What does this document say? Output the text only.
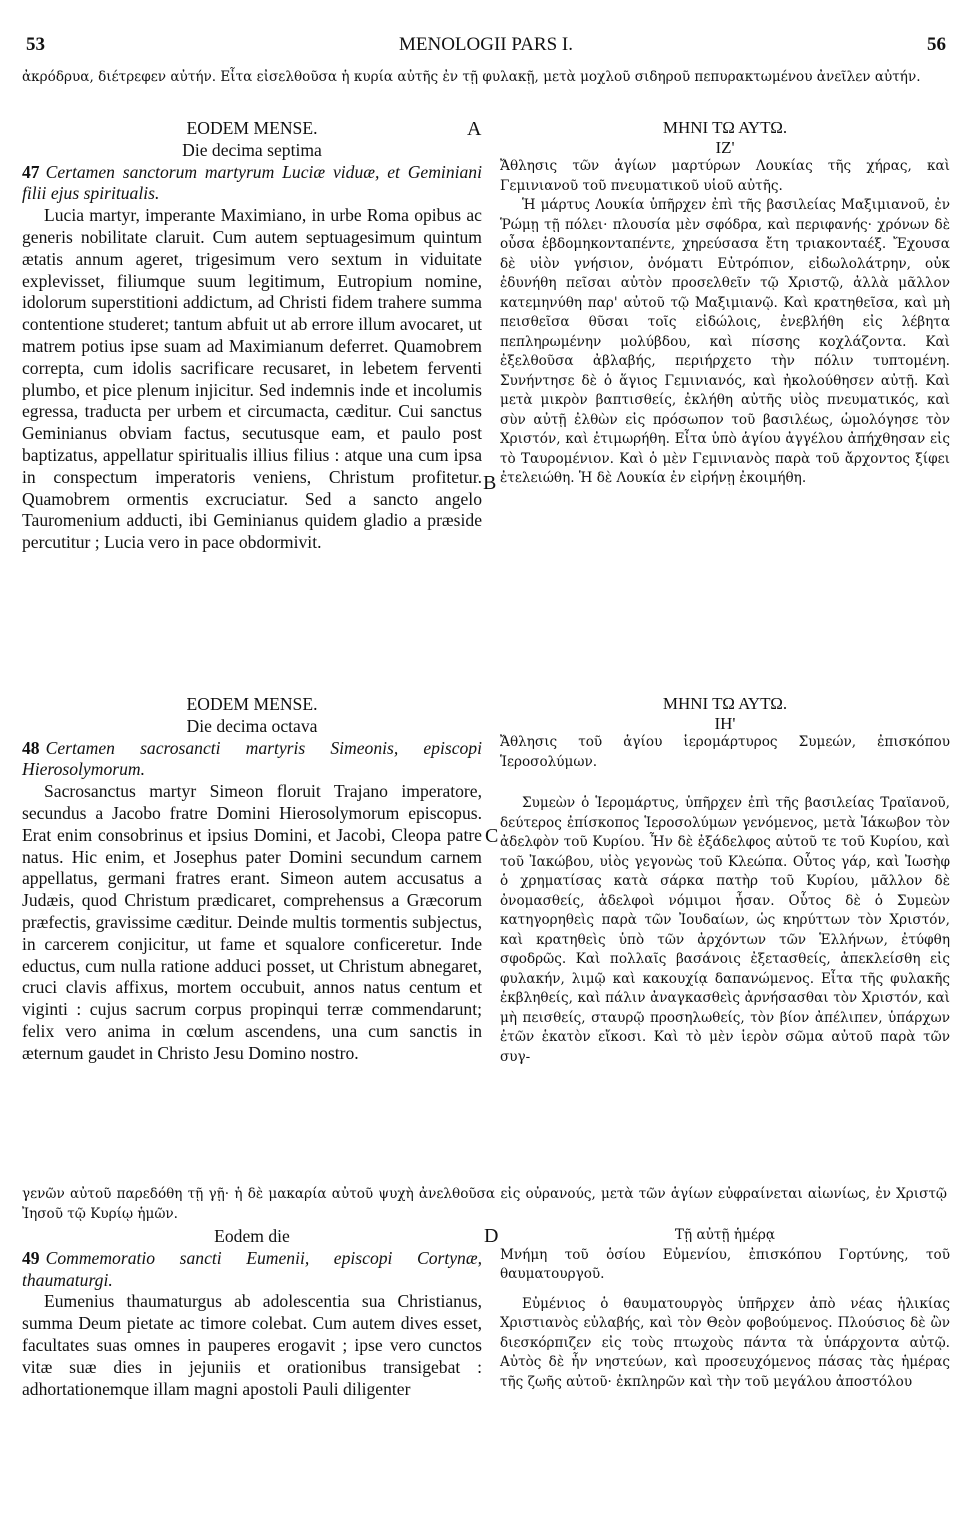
53	MENOLOGII PARS I.	56
ἀκρόδρυα, διέτρεφεν αὐτήν. Εἶτα εἰσελθοῦσα ἡ κυρία αὐτῆς ἐν τῇ φυλακῇ, μετὰ μοχλοῦ σιδηροῦ πεπυρακτωμένου ἀνεῖλεν αὐτήν.
A
B
C
D
EODEM MENSE.
Die decima septima
47 Certamen sanctorum martyrum Luciæ viduæ, et Geminiani filii ejus spiritualis.
Lucia martyr, imperante Maximiano, in urbe Roma opibus ac generis nobilitate claruit. Cum autem septuagesimum quintum ætatis annum ageret, trigesimum vero sextum in viduitate explevisset, filiumque suum legitimum, Eutropium nomine, idolorum superstitioni addictum, ad Christi fidem trahere summa contentione studeret; tantum abfuit ut ab errore illum avocaret, ut matrem potius ipse suam ad Maximianum deferret. Quamobrem correpta, cum idolis sacrificare recusaret, in lebetem ferventi plumbo, et pice plenum injicitur. Sed indemnis inde et incolumis egressa, traducta per urbem et circumacta, cæditur. Cui sanctus Geminianus obviam factus, secutusque eam, et paulo post baptizatus, appellatur spiritualis illius filius : atque una cum ipsa in conspectum imperatoris veniens, Christum profitetur. Quamobrem ormentis excruciatur. Sed a sancto angelo Tauromenium adducti, ibi Geminianus quidem gladio a præside percutitur ; Lucia vero in pace obdormivit.
ΜΗΝΙ ΤΩ ΑΥΤΩ.
ΙΖ'
Ἄθλησις τῶν ἁγίων μαρτύρων Λουκίας τῆς χήρας, καὶ Γεμινιανοῦ τοῦ πνευματικοῦ υἱοῦ αὐτῆς.
Ἡ μάρτυς Λουκία ὑπῆρχεν ἐπὶ τῆς βασιλείας Μαξιμιανοῦ, ἐν Ῥώμῃ τῇ πόλει· πλουσία μὲν σφόδρα, καὶ περιφανής· χρόνων δὲ οὖσα ἑβδομηκονταπέντε, χηρεύσασα ἔτη τριακονταέξ. Ἔχουσα δὲ υἱὸν γνήσιον, ὀνόματι Εὐτρόπιον, εἰδωλολάτρην, οὐκ ἐδυνήθη πεῖσαι αὐτὸν προσελθεῖν τῷ Χριστῷ, ἀλλὰ μᾶλλον κατεμηνύθη παρ' αὐτοῦ τῷ Μαξιμιανῷ. Καὶ κρατηθεῖσα, καὶ μὴ πεισθεῖσα θῦσαι τοῖς εἰδώλοις, ἐνεβλήθη εἰς λέβητα πεπληρωμένην μολύβδου, καὶ πίσσης κοχλάζοντα. Καὶ ἐξελθοῦσα ἀβλαβής, περιήρχετο τὴν πόλιν τυπτομένη. Συνήντησε δὲ ὁ ἅγιος Γεμινιανός, καὶ ἠκολούθησεν αὐτῇ. Καὶ μετὰ μικρὸν βαπτισθείς, ἐκλήθη αὐτῆς υἱὸς πνευματικός, καὶ σὺν αὐτῇ ἐλθὼν εἰς πρόσωπον τοῦ βασιλέως, ὡμολόγησε τὸν Χριστόν, καὶ ἐτιμωρήθη. Εἶτα ὑπὸ ἁγίου ἀγγέλου ἀπήχθησαν εἰς τὸ Ταυρομένιον. Καὶ ὁ μὲν Γεμινιανὸς παρὰ τοῦ ἄρχοντος ξίφει ἐτελειώθη. Ἡ δὲ Λουκία ἐν εἰρήνῃ ἐκοιμήθη.
EODEM MENSE.
Die decima octava
48 Certamen sacrosancti martyris Simeonis, episcopi Hierosolymorum.
Sacrosanctus martyr Simeon floruit Trajano imperatore, secundus a Jacobo fratre Domini Hierosolymorum episcopus. Erat enim consobrinus et ipsius Domini, et Jacobi, Cleopa patre natus. Hic enim, et Josephus pater Domini secundum carnem appellatus, germani fratres erant. Simeon autem accusatus a Judæis, quod Christum prædicaret, comprehensus a Græcorum præfectis, gravissime cæditur. Deinde multis tormentis subjectus, in carcerem conjicitur, ut fame et squalore conficeretur. Inde eductus, cum nulla ratione adduci posset, ut Christum abnegaret, cruci clavis affixus, mortem occubuit, annos natus centum et viginti : cujus sacrum corpus propinqui terræ commendarunt; felix vero anima in cœlum ascendens, una cum sanctis in æternum gaudet in Christo Jesu Domino nostro.
ΜΗΝΙ ΤΩ ΑΥΤΩ.
ΙΗ'
Ἄθλησις τοῦ ἁγίου ἱερομάρτυρος Συμεών, ἐπισκόπου Ἱεροσολύμων.
Συμεὼν ὁ Ἱερομάρτυς, ὑπῆρχεν ἐπὶ τῆς βασιλείας Τραϊανοῦ, δεύτερος ἐπίσκοπος Ἱεροσολύμων γενόμενος, μετὰ Ἰάκωβον τὸν ἀδελφὸν τοῦ Κυρίου. Ἦν δὲ ἐξάδελφος αὐτοῦ τε τοῦ Κυρίου, καὶ τοῦ Ἰακώβου, υἱὸς γεγονὼς τοῦ Κλεώπα. Οὗτος γάρ, καὶ Ἰωσὴφ ὁ χρηματίσας κατὰ σάρκα πατὴρ τοῦ Κυρίου, μᾶλλον δὲ ὀνομασθείς, ἀδελφοὶ νόμιμοι ἦσαν. Οὗτος δὲ ὁ Συμεὼν κατηγορηθεὶς παρὰ τῶν Ἰουδαίων, ὡς κηρύττων τὸν Χριστόν, καὶ κρατηθεὶς ὑπὸ τῶν ἀρχόντων τῶν Ἑλλήνων, ἐτύφθη σφοδρῶς. Καὶ πολλαῖς βασάνοις ἐξετασθείς, ἀπεκλείσθη εἰς φυλακήν, λιμῷ καὶ κακουχίᾳ δαπανώμενος. Εἶτα τῆς φυλακῆς ἐκβληθείς, καὶ πάλιν ἀναγκασθεὶς ἀρνήσασθαι τὸν Χριστόν, καὶ μὴ πεισθείς, σταυρῷ προσηλωθείς, τὸν βίον ἀπέλιπεν, ὑπάρχων ἐτῶν ἑκατὸν εἴκοσι. Καὶ τὸ μὲν ἱερὸν σῶμα αὐτοῦ παρὰ τῶν συγ-
γενῶν αὐτοῦ παρεδόθη τῇ γῇ· ἡ δὲ μακαρία αὐτοῦ ψυχὴ ἀνελθοῦσα εἰς οὐρανούς, μετὰ τῶν ἁγίων εὐφραίνεται αἰωνίως, ἐν Χριστῷ Ἰησοῦ τῷ Κυρίῳ ἡμῶν.
Eodem die
49 Commemoratio sancti Eumenii, episcopi Cortynæ, thaumaturgi.
Eumenius thaumaturgus ab adolescentia sua Christianus, summa Deum pietate ac timore colebat. Cum autem dives esset, facultates suas omnes in pauperes erogavit ; ipse vero cunctos vitæ suæ dies in jejuniis et orationibus transigebat : adhortationemque illam magni apostoli Pauli diligenter
Τῇ αὐτῇ ἡμέρᾳ
Μνήμη τοῦ ὁσίου Εὐμενίου, ἐπισκόπου Γορτύνης, τοῦ θαυματουργοῦ.
Εὐμένιος ὁ θαυματουργὸς ὑπῆρχεν ἀπὸ νέας ἡλικίας Χριστιανὸς εὐλαβής, καὶ τὸν Θεὸν φοβούμενος. Πλούσιος δὲ ὢν διεσκόρπιζεν εἰς τοὺς πτωχοὺς πάντα τὰ ὑπάρχοντα αὐτῷ. Αὐτὸς δὲ ἦν νηστεύων, καὶ προσευχόμενος πάσας τὰς ἡμέρας τῆς ζωῆς αὐτοῦ· ἐκπληρῶν καὶ τὴν τοῦ μεγάλου ἀποστόλου
